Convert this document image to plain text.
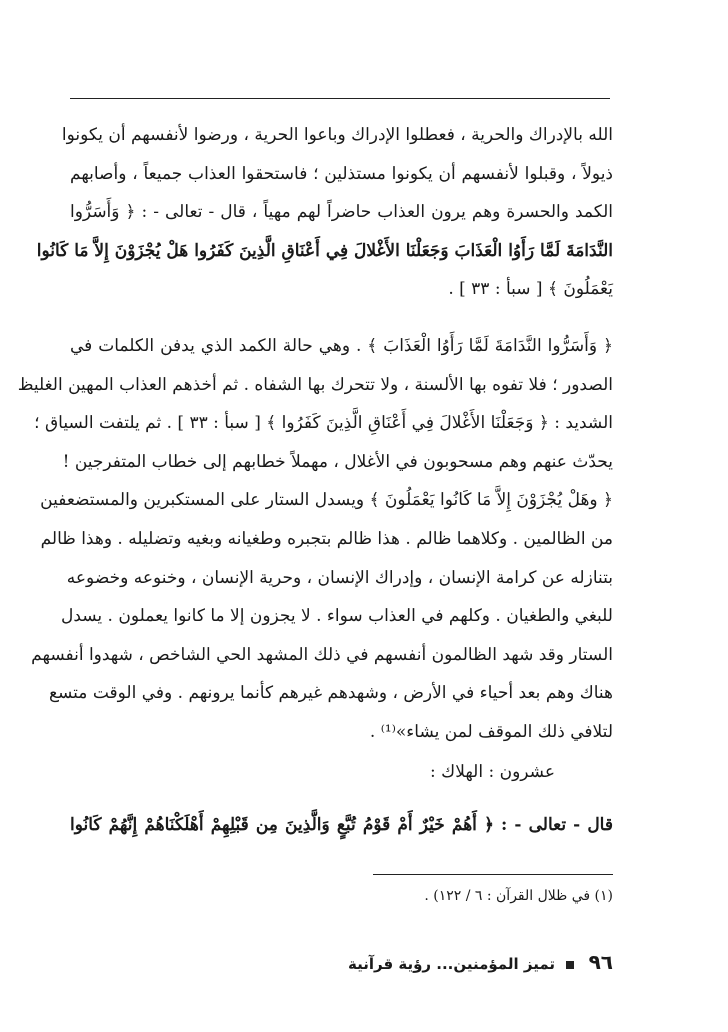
الله بالإدراك والحرية ، فعطلوا الإدراك وباعوا الحرية ، ورضوا لأنفسهم أن يكونوا
ذيولاً ، وقبلوا لأنفسهم أن يكونوا مستذلين ؛ فاستحقوا العذاب جميعاً ، وأصابهم
الكمد والحسرة وهم يرون العذاب حاضراً لهم مهياً ، قال - تعالى - : ﴿ وَأَسَرُّوا
النَّدَامَةَ لَمَّا رَأَوُا الْعَذَابَ وَجَعَلْنَا الأَغْلالَ فِي أَعْنَاقِ الَّذِينَ كَفَرُوا هَلْ يُجْزَوْنَ إِلاَّ مَا كَانُوا
يَعْمَلُونَ ﴾ [ سبأ : ٣٣ ] .
﴿ وَأَسَرُّوا النَّدَامَةَ لَمَّا رَأَوُا الْعَذَابَ ﴾ . وهي حالة الكمد الذي يدفن الكلمات في
الصدور ؛ فلا تفوه بها الألسنة ، ولا تتحرك بها الشفاه . ثم أخذهم العذاب المهين الغليظ
الشديد : ﴿ وَجَعَلْنَا الأَغْلالَ فِي أَعْنَاقِ الَّذِينَ كَفَرُوا ﴾ [ سبأ : ٣٣ ] . ثم يلتفت السياق ؛
يحدّث عنهم وهم مسحوبون في الأغلال ، مهملاً خطابهم إلى خطاب المتفرجين !
﴿ وهَلْ يُجْزَوْنَ إِلاَّ مَا كَانُوا يَعْمَلُونَ ﴾ ويسدل الستار على المستكبرين والمستضعفين
من الظالمين . وكلاهما ظالم . هذا ظالم بتجبره وطغيانه وبغيه وتضليله . وهذا ظالم
بتنازله عن كرامة الإنسان ، وإدراك الإنسان ، وحرية الإنسان ، وخنوعه وخضوعه
للبغي والطغيان . وكلهم في العذاب سواء . لا يجزون إلا ما كانوا يعملون . يسدل
الستار وقد شهد الظالمون أنفسهم في ذلك المشهد الحي الشاخص ، شهدوا أنفسهم
هناك وهم بعد أحياء في الأرض ، وشهدهم غيرهم كأنما يرونهم . وفي الوقت متسع
لتلافي ذلك الموقف لمن يشاء»⁽¹⁾ .
عشرون : الهلاك :
قال - تعالى - : ﴿ أَهُمْ خَيْرٌ أَمْ قَوْمُ تُبَّعٍ وَالَّذِينَ مِن قَبْلِهِمْ أَهْلَكْنَاهُمْ إِنَّهُمْ كَانُوا
(١) في ظلال القرآن : ٦ / ١٢٢) .
٩٦  تميز المؤمنين... رؤية قرآنية
